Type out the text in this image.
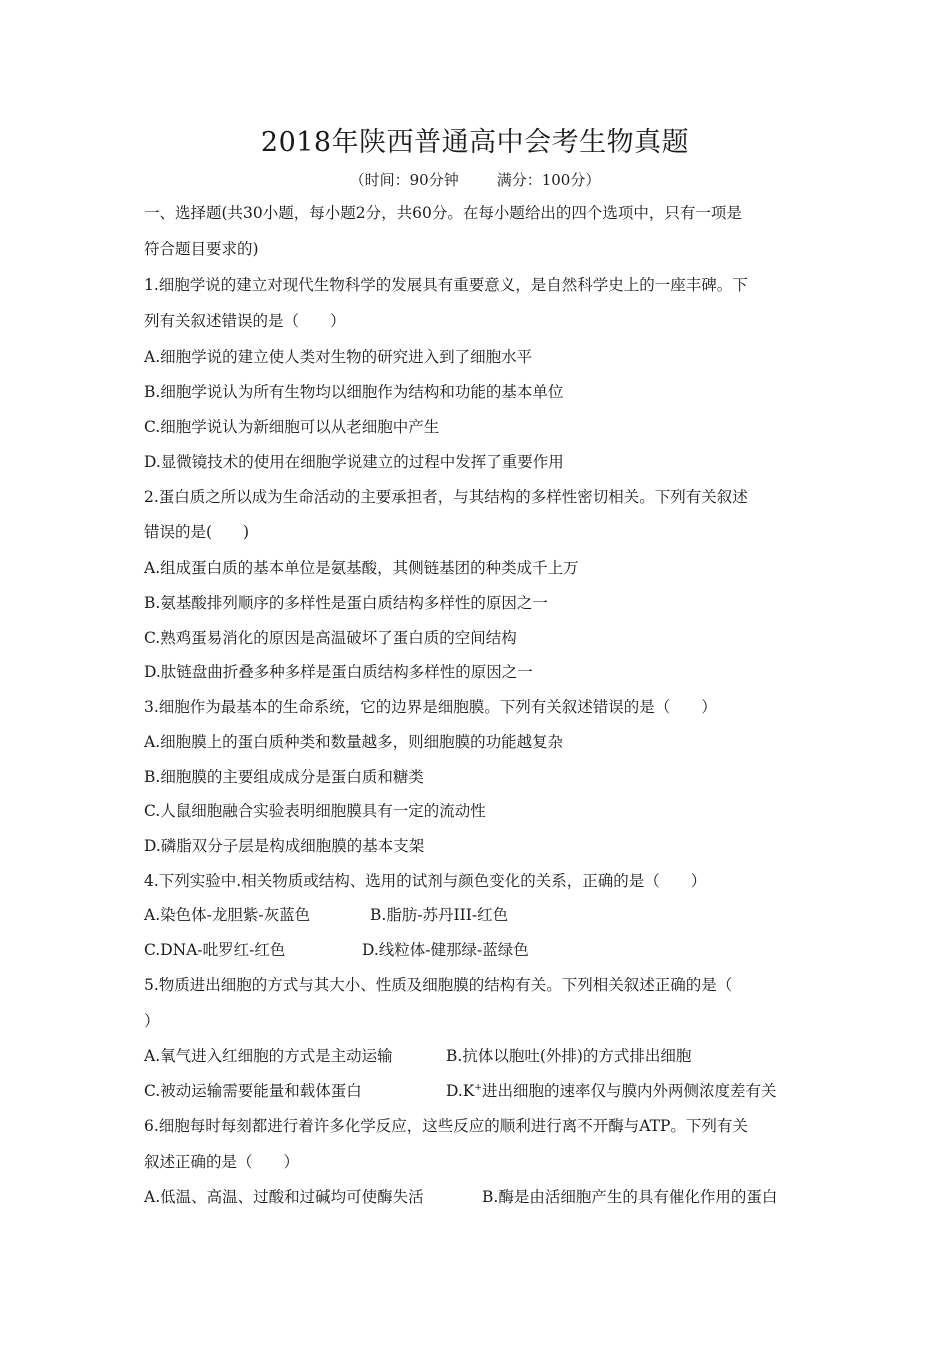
2018年陕西普通高中会考生物真题
（时间：90分钟	满分：100分）
一、选择题(共30小题，每小题2分，共60分。在每小题给出的四个选项中，只有一项是
符合题目要求的)
1.细胞学说的建立对现代生物科学的发展具有重要意义，是自然科学史上的一座丰碑。下
列有关叙述错误的是（　　）
A.细胞学说的建立使人类对生物的研究进入到了细胞水平
B.细胞学说认为所有生物均以细胞作为结构和功能的基本单位
C.细胞学说认为新细胞可以从老细胞中产生
D.显微镜技术的使用在细胞学说建立的过程中发挥了重要作用
2.蛋白质之所以成为生命活动的主要承担者，与其结构的多样性密切相关。下列有关叙述
错误的是(　　)
A.组成蛋白质的基本单位是氨基酸，其侧链基团的种类成千上万
B.氨基酸排列顺序的多样性是蛋白质结构多样性的原因之一
C.熟鸡蛋易消化的原因是高温破坏了蛋白质的空间结构
D.肽链盘曲折叠多种多样是蛋白质结构多样性的原因之一
3.细胞作为最基本的生命系统，它的边界是细胞膜。下列有关叙述错误的是（　　）
A.细胞膜上的蛋白质种类和数量越多，则细胞膜的功能越复杂
B.细胞膜的主要组成成分是蛋白质和糖类
C.人鼠细胞融合实验表明细胞膜具有一定的流动性
D.磷脂双分子层是构成细胞膜的基本支架
4.下列实验中.相关物质或结构、选用的试剂与颜色变化的关系，正确的是（　　）
A.染色体-龙胆紫-灰蓝色	B.脂肪-苏丹III-红色
C.DNA-吡罗红-红色	D.线粒体-健那绿-蓝绿色
5.物质进出细胞的方式与其大小、性质及细胞膜的结构有关。下列相关叙述正确的是（
）
A.氧气进入红细胞的方式是主动运输	B.抗体以胞吐(外排)的方式排出细胞
C.被动运输需要能量和载体蛋白	D.K+进出细胞的速率仅与膜内外两侧浓度差有关
6.细胞每时每刻都进行着许多化学反应，这些反应的顺利进行离不开酶与ATP。下列有关
叙述正确的是（　　）
A.低温、高温、过酸和过碱均可使酶失活	B.酶是由活细胞产生的具有催化作用的蛋白
